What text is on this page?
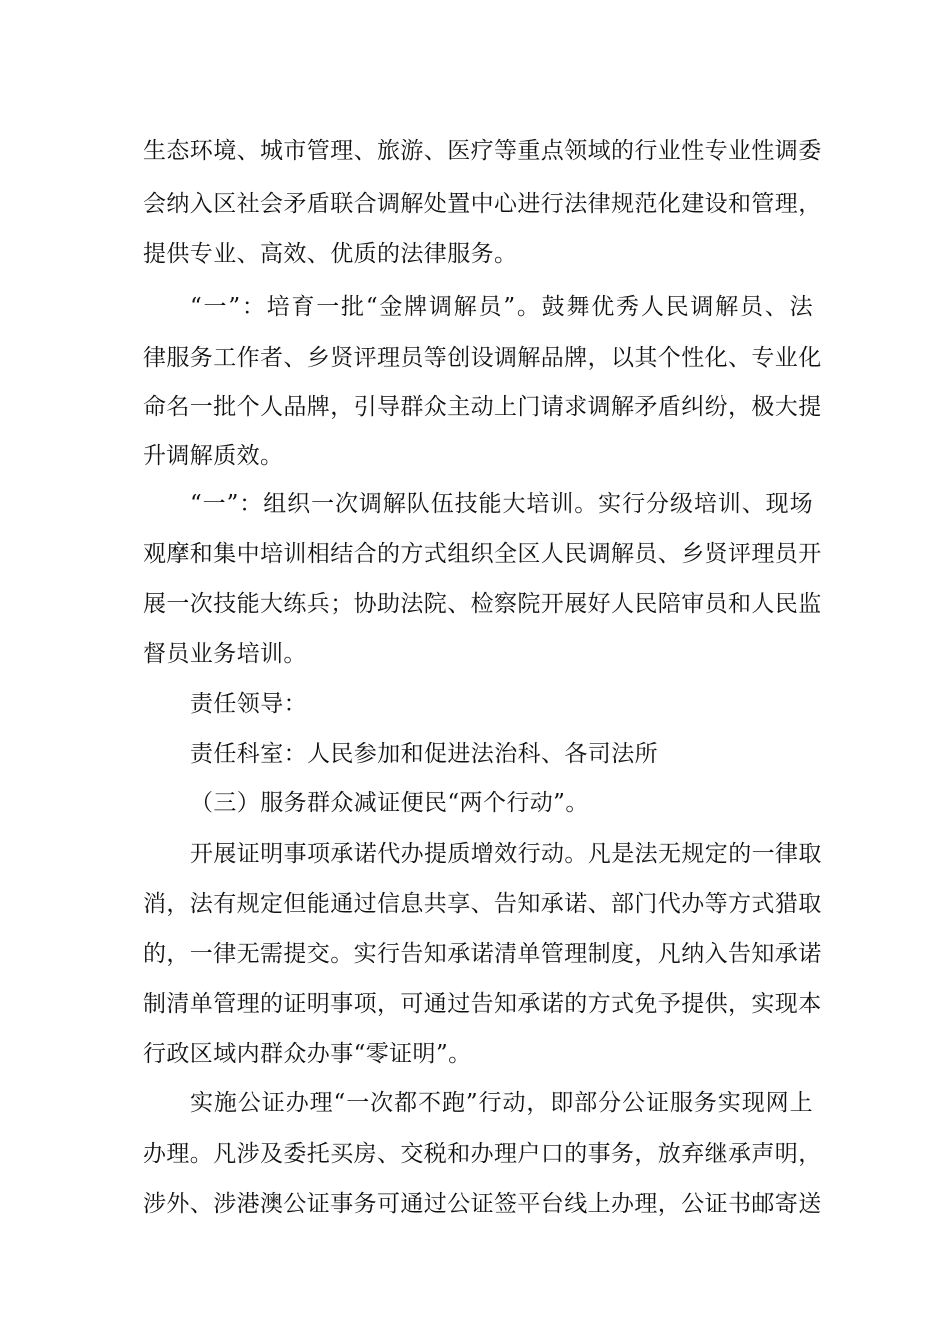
生态环境、城市管理、旅游、医疗等重点领域的行业性专业性调委
会纳入区社会矛盾联合调解处置中心进行法律规范化建设和管理，
提供专业、高效、优质的法律服务。
“一”：培育一批“金牌调解员”。鼓舞优秀人民调解员、法
律服务工作者、乡贤评理员等创设调解品牌，以其个性化、专业化
命名一批个人品牌，引导群众主动上门请求调解矛盾纠纷，极大提
升调解质效。
“一”：组织一次调解队伍技能大培训。实行分级培训、现场
观摩和集中培训相结合的方式组织全区人民调解员、乡贤评理员开
展一次技能大练兵；协助法院、检察院开展好人民陪审员和人民监
督员业务培训。
责任领导：
责任科室：人民参加和促进法治科、各司法所
（三）服务群众减证便民“两个行动”。
开展证明事项承诺代办提质增效行动。凡是法无规定的一律取
消，法有规定但能通过信息共享、告知承诺、部门代办等方式猎取
的，一律无需提交。实行告知承诺清单管理制度，凡纳入告知承诺
制清单管理的证明事项，可通过告知承诺的方式免予提供，实现本
行政区域内群众办事“零证明”。
实施公证办理“一次都不跑”行动，即部分公证服务实现网上
办理。凡涉及委托买房、交税和办理户口的事务，放弃继承声明，
涉外、涉港澳公证事务可通过公证签平台线上办理，公证书邮寄送
